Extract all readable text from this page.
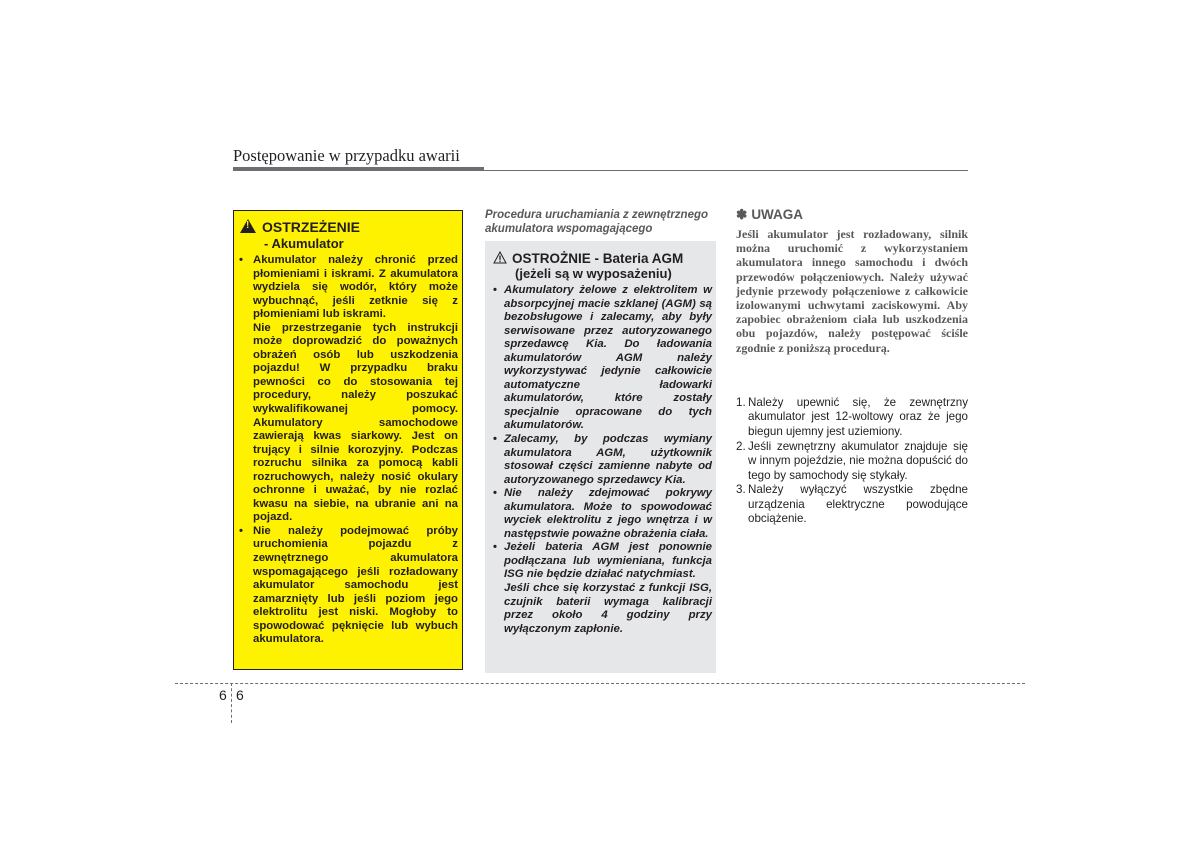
Postępowanie w przypadku awarii
!OSTRZEŻENIE
- Akumulator
• Akumulator należy chronić przed płomieniami i iskrami. Z akumulatora wydziela się wodór, który może wybuchnąć, jeśli zetknie się z płomieniami lub iskrami.

Nie przestrzeganie tych instrukcji może doprowadzić do poważnych obrażeń osób lub uszkodzenia pojazdu! W przypadku braku pewności co do stosowania tej procedury, należy poszukać wykwalifikowanej pomocy. Akumulatory samochodowe zawierają kwas siarkowy. Jest on trujący i silnie korozyjny. Podczas rozruchu silnika za pomocą kabli rozruchowych, należy nosić okulary ochronne i uważać, by nie rozlać kwasu na siebie, na ubranie ani na pojazd.

• Nie należy podejmować próby uruchomienia pojazdu z zewnętrznego akumulatora wspomagającego jeśli rozładowany akumulator samochodu jest zamarznięty lub jeśli poziom jego elektrolitu jest niski. Mogłoby to spowodować pęknięcie lub wybuch akumulatora.
Procedura uruchamiania z zewnętrznego akumulatora wspomagającego
OSTROŻNIE - Bateria AGM
(jeżeli są w wyposażeniu)
• Akumulatory żelowe z elektrolitem w absorpcyjnej macie szklanej (AGM) są bezobsługowe i zalecamy, aby były serwisowane przez autoryzowanego sprzedawcę Kia. Do ładowania akumulatorów AGM należy wykorzystywać jedynie całkowicie automatyczne ładowarki akumulatorów, które zostały specjalnie opracowane do tych akumulatorów.
• Zalecamy, by podczas wymiany akumulatora AGM, użytkownik stosował części zamienne nabyte od autoryzowanego sprzedawcy Kia.
• Nie należy zdejmować pokrywy akumulatora. Może to spowodować wyciek elektrolitu z jego wnętrza i w następstwie poważne obrażenia ciała.
• Jeżeli bateria AGM jest ponownie podłączana lub wymieniana, funkcja ISG nie będzie działać natychmiast.

Jeśli chce się korzystać z funkcji ISG, czujnik baterii wymaga kalibracji przez około 4 godziny przy wyłączonym zapłonie.

✽ UWAGA
Jeśli akumulator jest rozładowany, silnik można uruchomić z wykorzystaniem akumulatora innego samochodu i dwóch przewodów połączeniowych. Należy używać jedynie przewody połączeniowe z całkowicie izolowanymi uchwytami zaciskowymi. Aby zapobiec obrażeniom ciała lub uszkodzenia obu pojazdów, należy postępować ściśle zgodnie z poniższą procedurą.
1. Należy upewnić się, że zewnętrzny akumulator jest 12-woltowy oraz że jego biegun ujemny jest uziemiony.
2. Jeśli zewnętrzny akumulator znajduje się w innym pojeździe, nie można dopuścić do tego by samochody się stykały.
3. Należy wyłączyć wszystkie zbędne urządzenia elektryczne powodujące obciążenie.
6 6
